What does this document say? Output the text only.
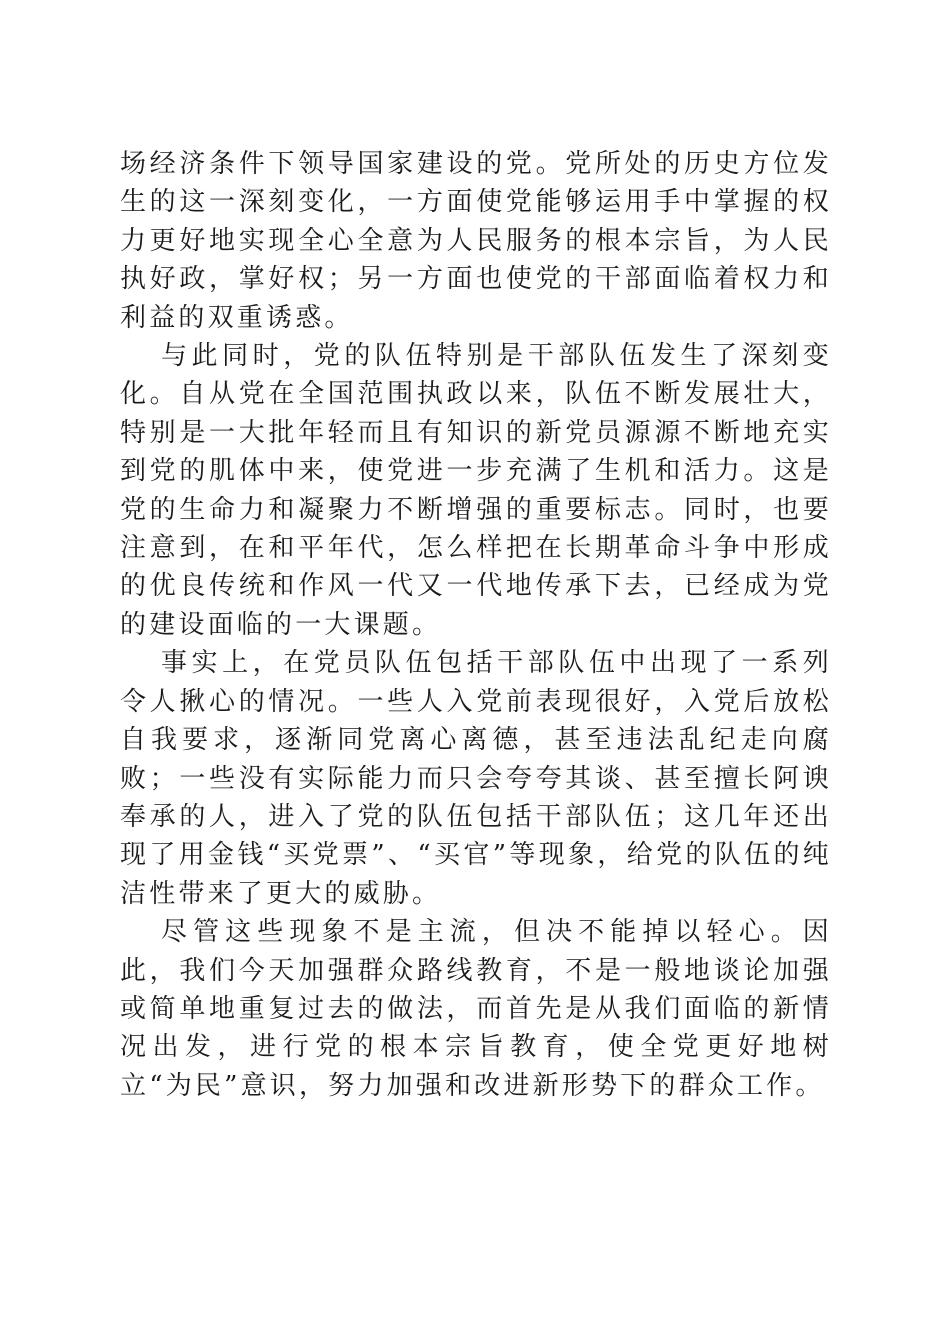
场经济条件下领导国家建设的党。党所处的历史方位发生的这一深刻变化，一方面使党能够运用手中掌握的权力更好地实现全心全意为人民服务的根本宗旨，为人民执好政，掌好权；另一方面也使党的干部面临着权力和利益的双重诱惑。

与此同时，党的队伍特别是干部队伍发生了深刻变化。自从党在全国范围执政以来，队伍不断发展壮大，特别是一大批年轻而且有知识的新党员源源不断地充实到党的肌体中来，使党进一步充满了生机和活力。这是党的生命力和凝聚力不断增强的重要标志。同时，也要注意到，在和平年代，怎么样把在长期革命斗争中形成的优良传统和作风一代又一代地传承下去，已经成为党的建设面临的一大课题。

事实上，在党员队伍包括干部队伍中出现了一系列令人揪心的情况。一些人入党前表现很好，入党后放松自我要求，逐渐同党离心离德，甚至违法乱纪走向腐败；一些没有实际能力而只会夸夸其谈、甚至擅长阿谀奉承的人，进入了党的队伍包括干部队伍；这几年还出现了用金钱“买党票”、“买官”等现象，给党的队伍的纯洁性带来了更大的威胁。

尽管这些现象不是主流，但决不能掉以轻心。因此，我们今天加强群众路线教育，不是一般地谈论加强或简单地重复过去的做法，而首先是从我们面临的新情况出发，进行党的根本宗旨教育，使全党更好地树立“为民”意识，努力加强和改进新形势下的群众工作。
